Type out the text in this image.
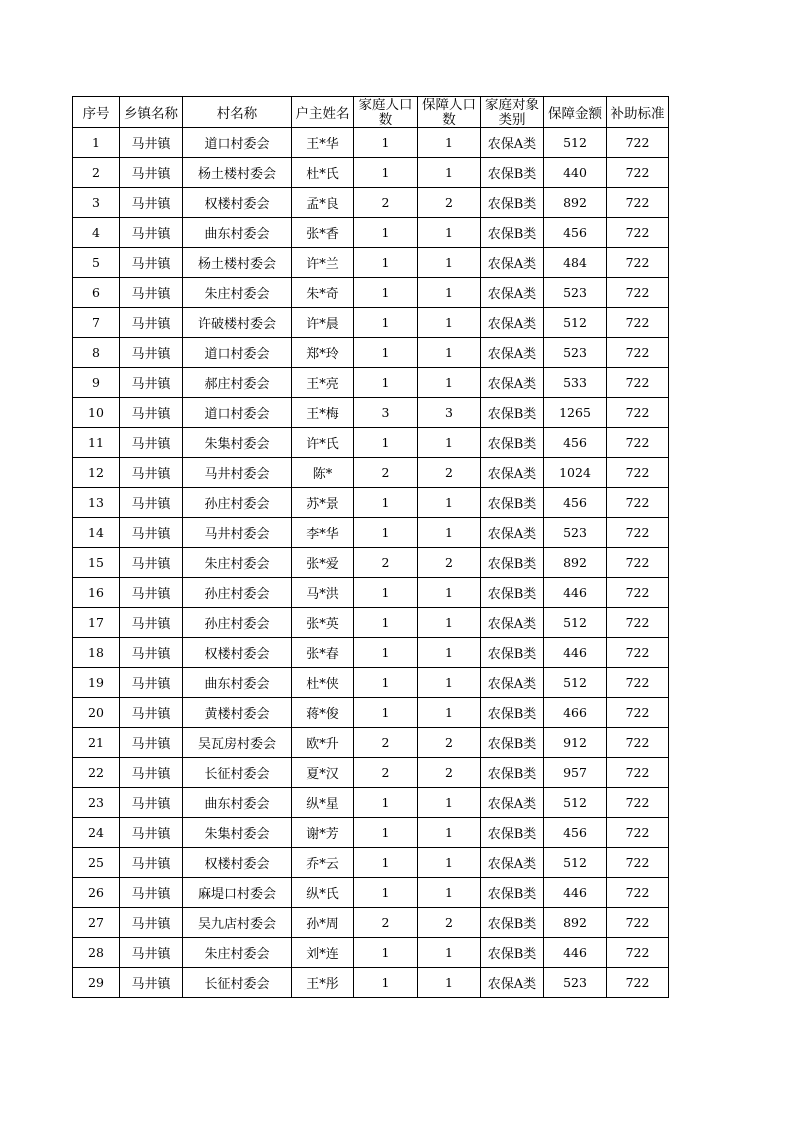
序号	乡镇名称	村名称	户主姓名	家庭人口数	保障人口数	家庭对象类别	保障金额	补助标准
1	马井镇	道口村委会	王*华	1	1	农保A类	512	722
2	马井镇	杨土楼村委会	杜*氏	1	1	农保B类	440	722
3	马井镇	权楼村委会	孟*良	2	2	农保B类	892	722
4	马井镇	曲东村委会	张*香	1	1	农保B类	456	722
5	马井镇	杨土楼村委会	许*兰	1	1	农保A类	484	722
6	马井镇	朱庄村委会	朱*奇	1	1	农保A类	523	722
7	马井镇	许破楼村委会	许*晨	1	1	农保A类	512	722
8	马井镇	道口村委会	郑*玲	1	1	农保A类	523	722
9	马井镇	郝庄村委会	王*亮	1	1	农保A类	533	722
10	马井镇	道口村委会	王*梅	3	3	农保B类	1265	722
11	马井镇	朱集村委会	许*氏	1	1	农保B类	456	722
12	马井镇	马井村委会	陈*	2	2	农保A类	1024	722
13	马井镇	孙庄村委会	苏*景	1	1	农保B类	456	722
14	马井镇	马井村委会	李*华	1	1	农保A类	523	722
15	马井镇	朱庄村委会	张*爱	2	2	农保B类	892	722
16	马井镇	孙庄村委会	马*洪	1	1	农保B类	446	722
17	马井镇	孙庄村委会	张*英	1	1	农保A类	512	722
18	马井镇	权楼村委会	张*春	1	1	农保B类	446	722
19	马井镇	曲东村委会	杜*侠	1	1	农保A类	512	722
20	马井镇	黄楼村委会	蒋*俊	1	1	农保B类	466	722
21	马井镇	吴瓦房村委会	欧*升	2	2	农保B类	912	722
22	马井镇	长征村委会	夏*汉	2	2	农保B类	957	722
23	马井镇	曲东村委会	纵*星	1	1	农保A类	512	722
24	马井镇	朱集村委会	谢*芳	1	1	农保B类	456	722
25	马井镇	权楼村委会	乔*云	1	1	农保A类	512	722
26	马井镇	麻堤口村委会	纵*氏	1	1	农保B类	446	722
27	马井镇	吴九店村委会	孙*周	2	2	农保B类	892	722
28	马井镇	朱庄村委会	刘*连	1	1	农保B类	446	722
29	马井镇	长征村委会	王*彤	1	1	农保A类	523	722
